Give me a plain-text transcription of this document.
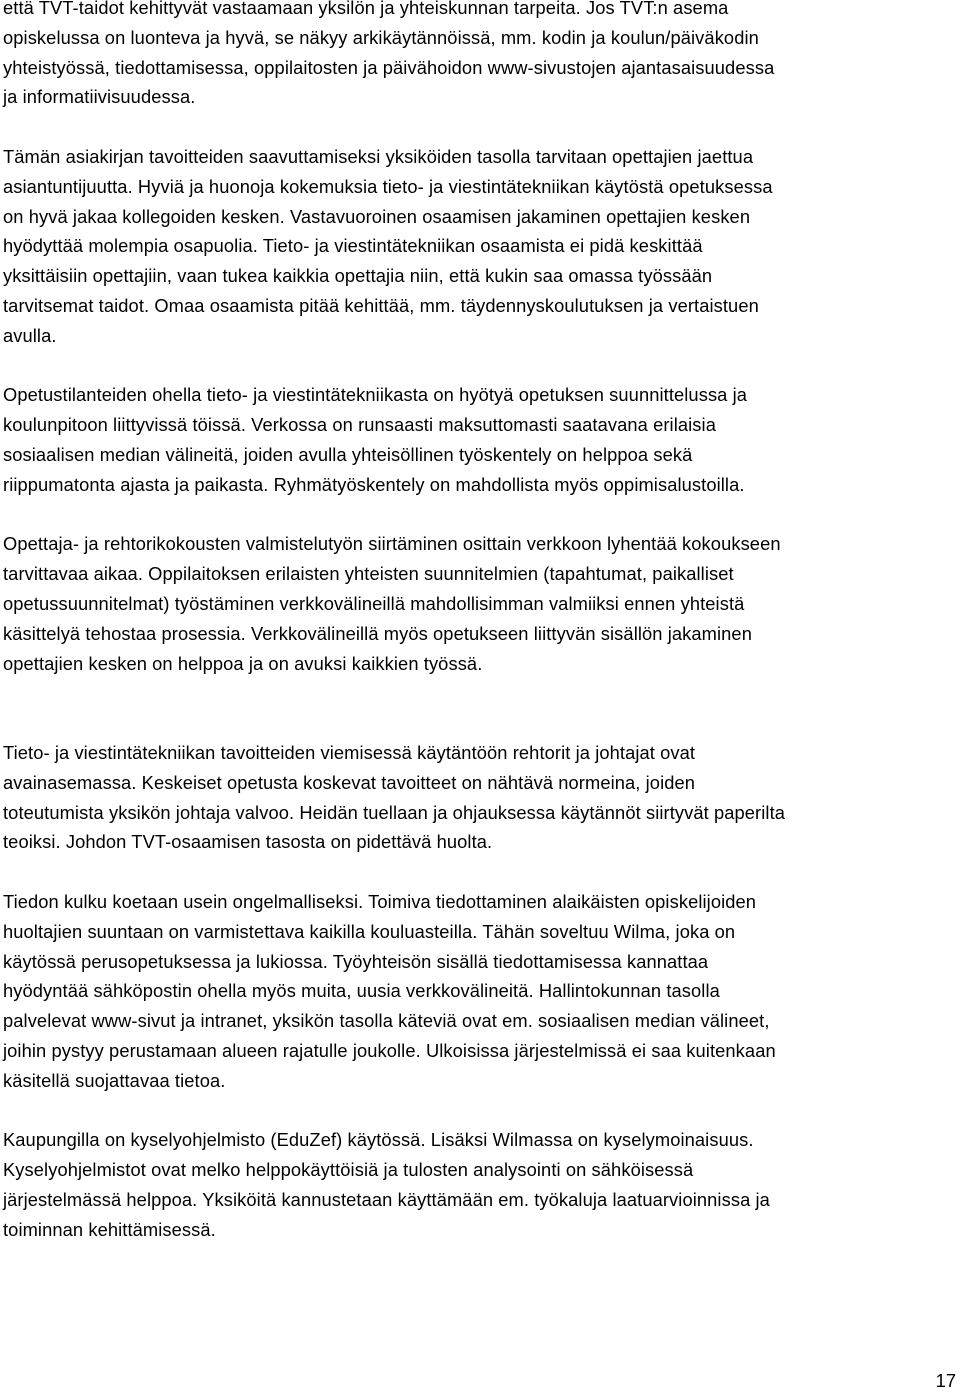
että TVT-taidot kehittyvät vastaamaan yksilön ja yhteiskunnan tarpeita. Jos TVT:n asema
opiskelussa on luonteva ja hyvä, se näkyy arkikäytännöissä, mm. kodin ja koulun/päiväkodin
yhteistyössä, tiedottamisessa, oppilaitosten ja päivähoidon www-sivustojen ajantasaisuudessa
ja informatiivisuudessa.

Tämän asiakirjan tavoitteiden saavuttamiseksi yksiköiden tasolla tarvitaan opettajien jaettua
asiantuntijuutta. Hyviä ja huonoja kokemuksia tieto- ja viestintätekniikan käytöstä opetuksessa
on hyvä jakaa kollegoiden kesken. Vastavuoroinen osaamisen jakaminen opettajien kesken
hyödyttää molempia osapuolia. Tieto- ja viestintätekniikan osaamista ei pidä keskittää
yksittäisiin opettajiin, vaan tukea kaikkia opettajia niin, että kukin saa omassa työssään
tarvitsemat taidot. Omaa osaamista pitää kehittää, mm. täydennyskoulutuksen ja vertaistuen
avulla.

Opetustilanteiden ohella tieto- ja viestintätekniikasta on hyötyä opetuksen suunnittelussa ja
koulunpitoon liittyvissä töissä. Verkossa on runsaasti maksuttomasti saatavana erilaisia
sosiaalisen median välineitä, joiden avulla yhteisöllinen työskentely on helppoa sekä
riippumatonta ajasta ja paikasta. Ryhmätyöskentely on mahdollista myös oppimisalustoilla.

Opettaja- ja rehtorikokousten valmistelutyön siirtäminen osittain verkkoon lyhentää kokoukseen
tarvittavaa aikaa. Oppilaitoksen erilaisten yhteisten suunnitelmien (tapahtumat, paikalliset
opetussuunnitelmat) työstäminen verkkovälineillä mahdollisimman valmiiksi ennen yhteistä
käsittelyä tehostaa prosessia. Verkkovälineillä myös opetukseen liittyvän sisällön jakaminen
opettajien kesken on helppoa ja on avuksi kaikkien työssä.

Tieto- ja viestintätekniikan tavoitteiden viemisessä käytäntöön rehtorit ja johtajat ovat
avainasemassa. Keskeiset opetusta koskevat tavoitteet on nähtävä normeina, joiden
toteutumista yksikön johtaja valvoo. Heidän tuellaan ja ohjauksessa käytännöt siirtyvät paperilta
teoiksi. Johdon TVT-osaamisen tasosta on pidettävä huolta.

Tiedon kulku koetaan usein ongelmalliseksi. Toimiva tiedottaminen alaikäisten opiskelijoiden
huoltajien suuntaan on varmistettava kaikilla kouluasteilla. Tähän soveltuu Wilma, joka on
käytössä perusopetuksessa ja lukiossa. Työyhteisön sisällä tiedottamisessa kannattaa
hyödyntää sähköpostin ohella myös muita, uusia verkkovälineitä. Hallintokunnan tasolla
palvelevat www-sivut ja intranet, yksikön tasolla käteviä ovat em. sosiaalisen median välineet,
joihin pystyy perustamaan alueen rajatulle joukolle. Ulkoisissa järjestelmissä ei saa kuitenkaan
käsitellä suojattavaa tietoa.

Kaupungilla on kyselyohjelmisto (EduZef) käytössä. Lisäksi Wilmassa on kyselymoinaisuus.
Kyselyohjelmistot ovat melko helppokäyttöisiä ja tulosten analysointi on sähköisessä
järjestelmässä helppoa. Yksiköitä kannustetaan käyttämään em. työkaluja laatuarvioinnissa ja
toiminnan kehittämisessä.

17
